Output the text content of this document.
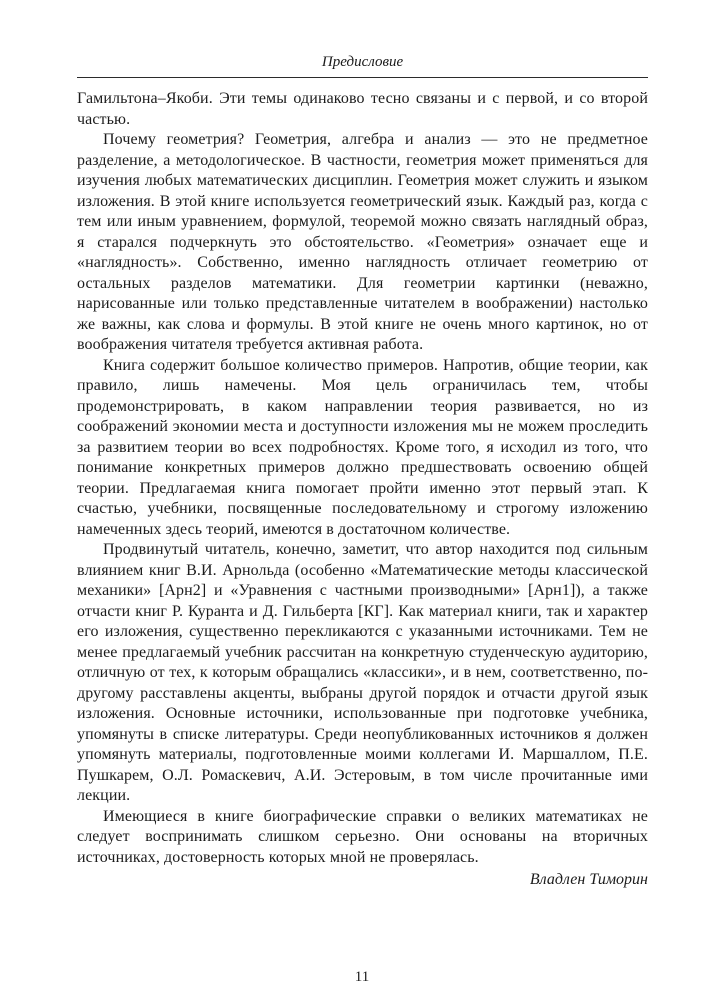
Предисловие

Гамильтона–Якоби. Эти темы одинаково тесно связаны и с первой, и со второй частью.

Почему геометрия? Геометрия, алгебра и анализ — это не предметное разделение, а методологическое. В частности, геометрия может применяться для изучения любых математических дисциплин. Геометрия может служить и языком изложения. В этой книге используется геометрический язык. Каждый раз, когда с тем или иным уравнением, формулой, теоремой можно связать наглядный образ, я старался подчеркнуть это обстоятельство. «Геометрия» означает еще и «наглядность». Собственно, именно наглядность отличает геометрию от остальных разделов математики. Для геометрии картинки (неважно, нарисованные или только представленные читателем в воображении) настолько же важны, как слова и формулы. В этой книге не очень много картинок, но от воображения читателя требуется активная работа.

Книга содержит большое количество примеров. Напротив, общие теории, как правило, лишь намечены. Моя цель ограничилась тем, чтобы продемонстрировать, в каком направлении теория развивается, но из соображений экономии места и доступности изложения мы не можем проследить за развитием теории во всех подробностях. Кроме того, я исходил из того, что понимание конкретных примеров должно предшествовать освоению общей теории. Предлагаемая книга помогает пройти именно этот первый этап. К счастью, учебники, посвященные последовательному и строгому изложению намеченных здесь теорий, имеются в достаточном количестве.

Продвинутый читатель, конечно, заметит, что автор находится под сильным влиянием книг В.И. Арнольда (особенно «Математические методы классической механики» [Арн2] и «Уравнения с частными производными» [Арн1]), а также отчасти книг Р. Куранта и Д. Гильберта [КГ]. Как материал книги, так и характер его изложения, существенно перекликаются с указанными источниками. Тем не менее предлагаемый учебник рассчитан на конкретную студенческую аудиторию, отличную от тех, к которым обращались «классики», и в нем, соответственно, по-другому расставлены акценты, выбраны другой порядок и отчасти другой язык изложения. Основные источники, использованные при подготовке учебника, упомянуты в списке литературы. Среди неопубликованных источников я должен упомянуть материалы, подготовленные моими коллегами И. Маршаллом, П.Е. Пушкарем, О.Л. Ромаскевич, А.И. Эстеровым, в том числе прочитанные ими лекции.

Имеющиеся в книге биографические справки о великих математиках не следует воспринимать слишком серьезно. Они основаны на вторичных источниках, достоверность которых мной не проверялась.

Владлен Тиморин
11
